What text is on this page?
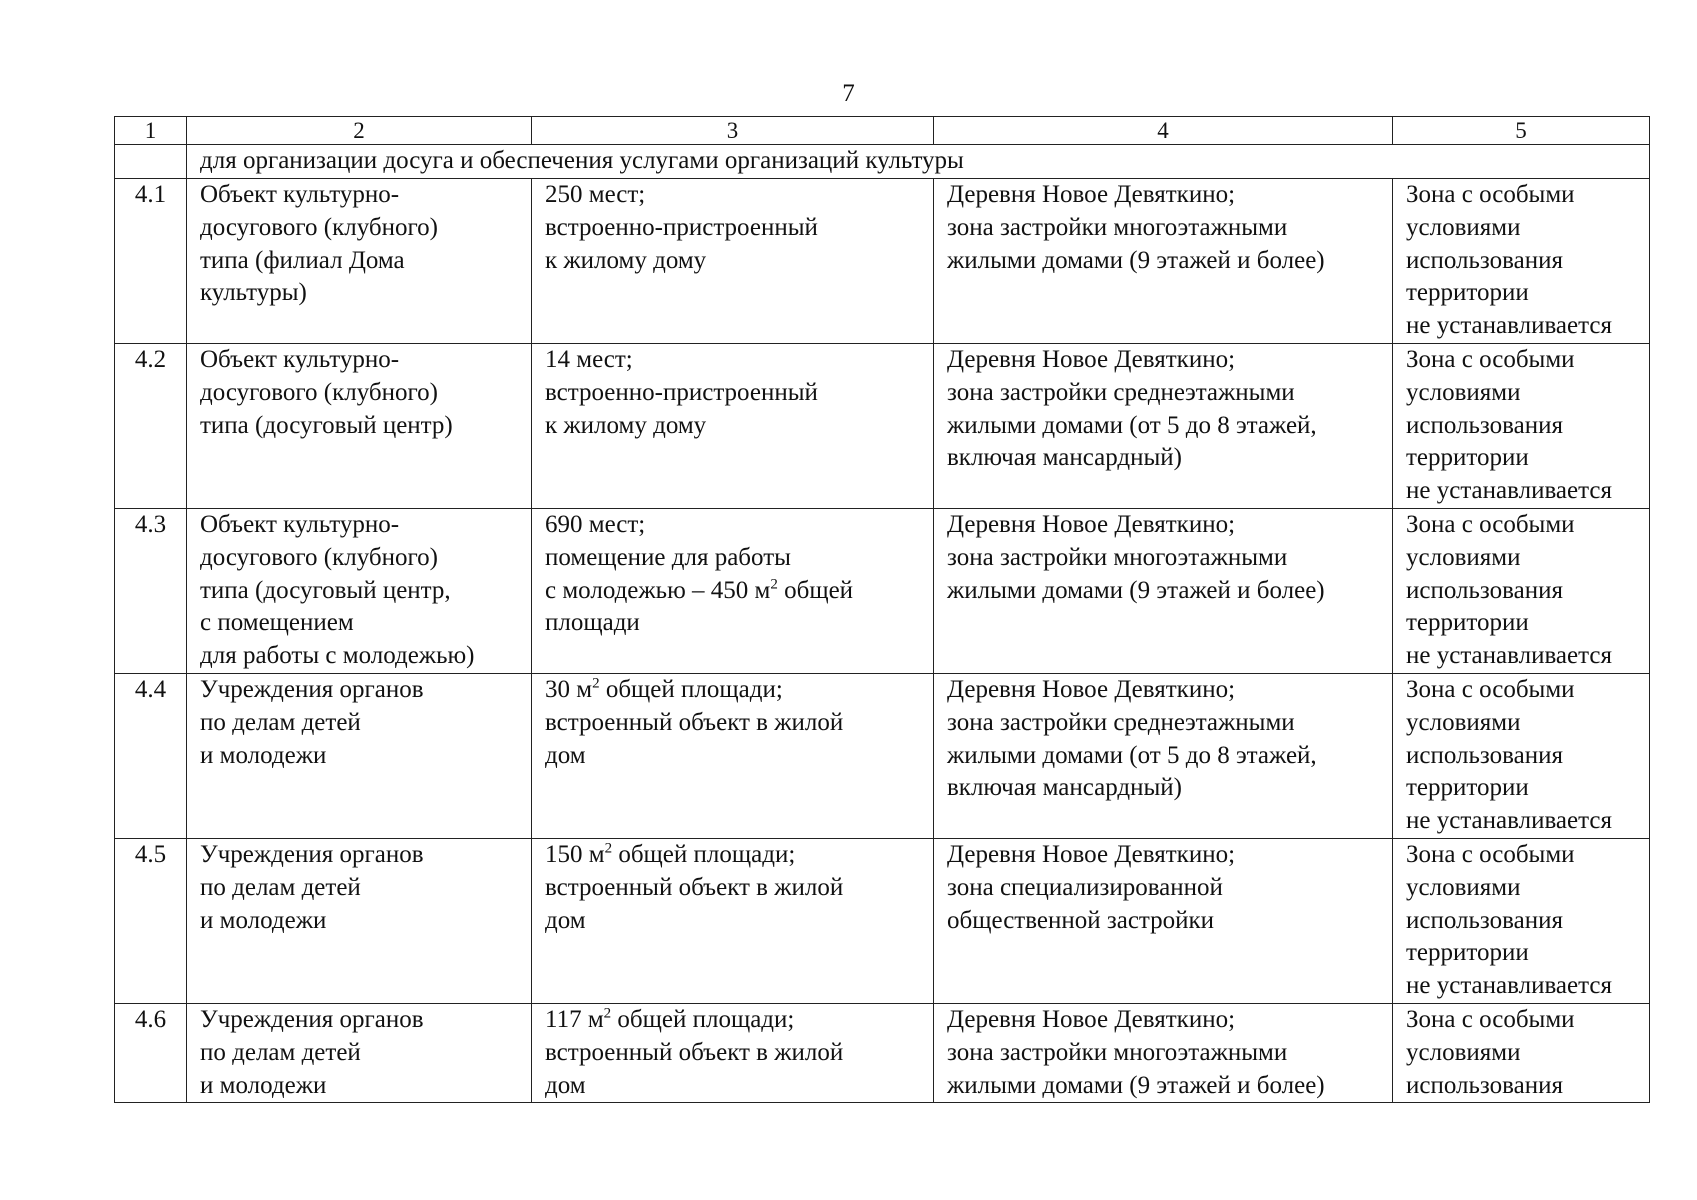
7
1	2	3	4	5
	для организации досуга и обеспечения услугами организаций культуры			
4.1	Объект культурно-
досугового (клубного)
типа (филиал Дома
культуры)	250 мест;
встроенно-пристроенный
к жилому дому	Деревня Новое Девяткино;
зона застройки многоэтажными
жилыми домами (9 этажей и более)	Зона с особыми
условиями
использования
территории
не устанавливается
4.2	Объект культурно-
досугового (клубного)
типа (досуговый центр)	14 мест;
встроенно-пристроенный
к жилому дому	Деревня Новое Девяткино;
зона застройки среднеэтажными
жилыми домами (от 5 до 8 этажей,
включая мансардный)	Зона с особыми
условиями
использования
территории
не устанавливается
4.3	Объект культурно-
досугового (клубного)
типа (досуговый центр,
с помещением
для работы с молодежью)	690 мест;
помещение для работы
с молодежью – 450 $м^2$ общей
площади	Деревня Новое Девяткино;
зона застройки многоэтажными
жилыми домами (9 этажей и более)	Зона с особыми
условиями
использования
территории
не устанавливается
4.4	Учреждения органов
по делам детей
и молодежи	30 $м^2$ общей площади;
встроенный объект в жилой
дом	Деревня Новое Девяткино;
зона застройки среднеэтажными
жилыми домами (от 5 до 8 этажей,
включая мансардный)	Зона с особыми
условиями
использования
территории
не устанавливается
4.5	Учреждения органов
по делам детей
и молодежи	150 $м^2$ общей площади;
встроенный объект в жилой
дом	Деревня Новое Девяткино;
зона специализированной
общественной застройки	Зона с особыми
условиями
использования
территории
не устанавливается
4.6	Учреждения органов
по делам детей
и молодежи	117 $м^2$ общей площади;
встроенный объект в жилой
дом	Деревня Новое Девяткино;
зона застройки многоэтажными
жилыми домами (9 этажей и более)	Зона с особыми
условиями
использования
